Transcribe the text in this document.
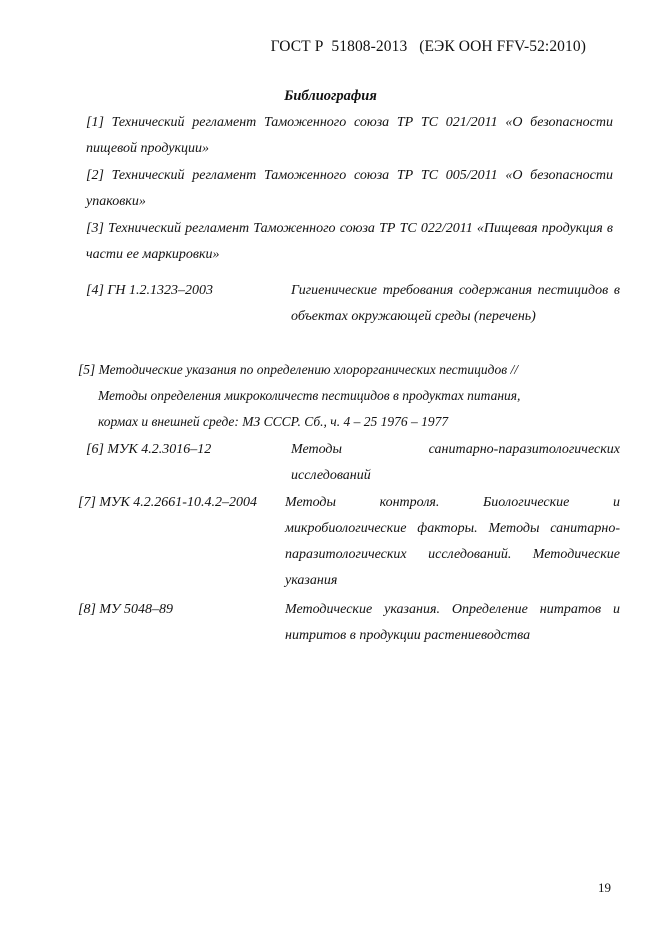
ГОСТ Р  51808-2013   (ЕЭК ООН FFV-52:2010)
Библиография
[1] Технический регламент Таможенного союза ТР ТС 021/2011 «О безопасности пищевой продукции»
[2] Технический регламент Таможенного союза ТР ТС 005/2011 «О безопасности упаковки»
[3] Технический регламент Таможенного союза ТР ТС 022/2011 «Пищевая продукция в части ее маркировки»
[4] ГН 1.2.1323–2003	Гигиенические требования содержания пестицидов в объектах окружающей среды (перечень)
[5] Методические указания по определению хлорорганических пестицидов //
Методы определения микроколичеств пестицидов в продуктах питания,
кормах и внешней среде: МЗ СССР. Сб., ч. 4 – 25 1976 – 1977
[6] МУК 4.2.3016–12	Методы санитарно-паразитологических исследований
[7] МУК 4.2.2661-10.4.2–2004 Методы контроля. Биологические и микробиологические факторы. Методы санитарно-паразитологических исследований. Методические указания
[8] МУ 5048–89	Методические указания. Определение нитратов и нитритов в продукции растениеводства
19
